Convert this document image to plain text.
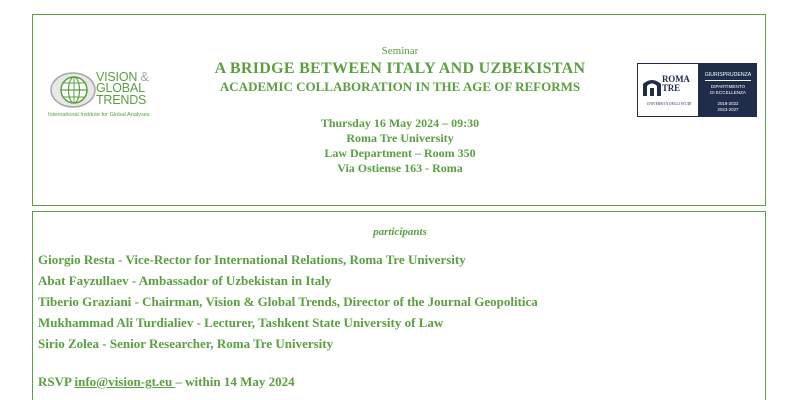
VISION &
GLOBAL
TRENDS
International Institute for Global Analyses
Seminar
A BRIDGE BETWEEN ITALY AND UZBEKISTAN
ACADEMIC COLLABORATION IN THE AGE OF REFORMS
Thursday 16 May 2024 – 09:30
Roma Tre University
Law Department – Room 350
Via Ostiense 163 - Roma
ROMA
TRE
UNIVERSITÀ DEGLI STUDI
GIURISPRUDENZA
DIPARTIMENTO
DI ECCELLENZA
2018-2022
2023-2027
participants
Giorgio Resta - Vice-Rector for International Relations, Roma Tre University
Abat Fayzullaev - Ambassador of Uzbekistan in Italy
Tiberio Graziani - Chairman, Vision & Global Trends, Director of the Journal Geopolitica
Mukhammad Ali Turdialiev - Lecturer, Tashkent State University of Law
Sirio Zolea - Senior Researcher, Roma Tre University
RSVP info@vision-gt.eu – within 14 May 2024
